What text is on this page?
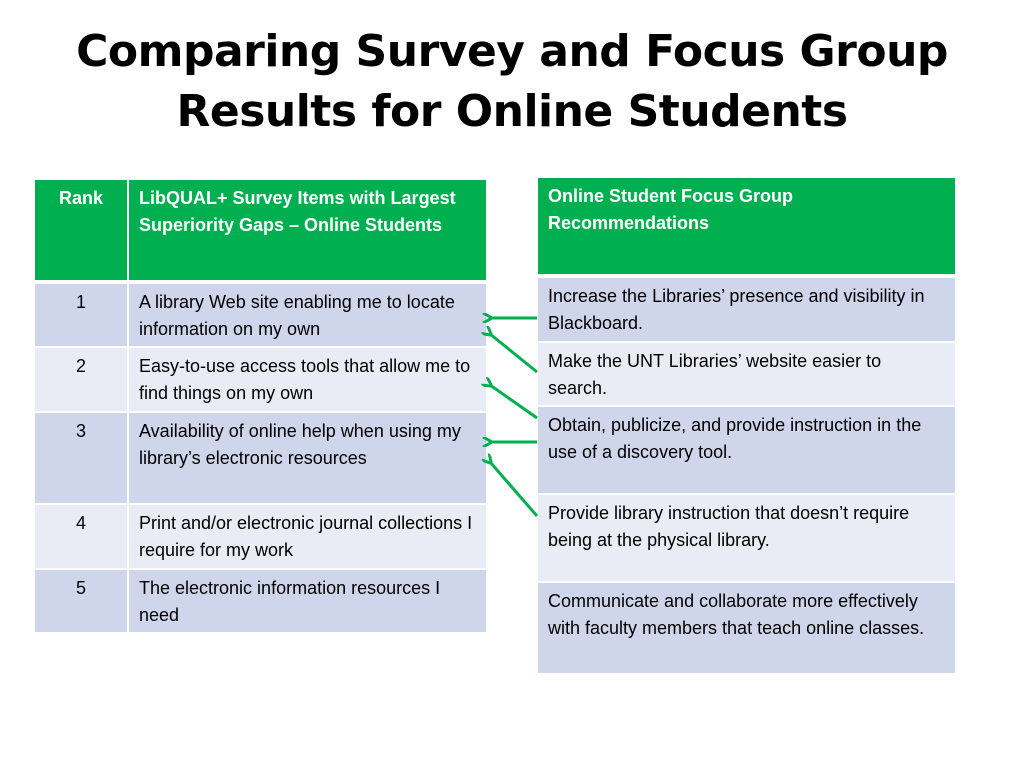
Comparing Survey and Focus Group
Results for Online Students
Rank	LibQUAL+ Survey Items with Largest Superiority Gaps – Online Students
1	A library Web site enabling me to locate information on my own
2	Easy-to-use access tools that allow me to find things on my own
3	Availability of online help when using my library’s electronic resources
4	Print and/or electronic journal collections I require for my work
5	The electronic information resources I need
Online Student Focus Group Recommendations
Increase the Libraries’ presence and visibility in Blackboard.
Make the UNT Libraries’ website easier to search.
Obtain, publicize, and provide instruction in the use of a discovery tool.
Provide library instruction that doesn’t require being at the physical library.
Communicate and collaborate more effectively with faculty members that teach online classes.
